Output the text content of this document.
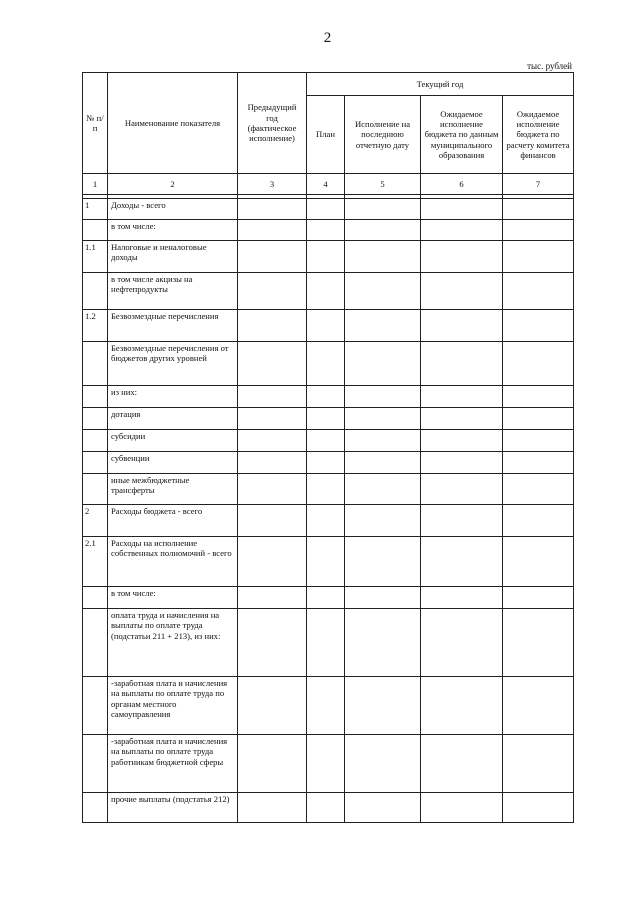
2
тыс. рублей
№ п/п	Наименование показателя	Предыдущий год (фактическое исполнение)	Текущий год			
			План	Исполнение на последнюю отчетную дату	Ожидаемое исполнение бюджета по данным муниципального образования	Ожидаемое исполнение бюджета по расчету комитета финансов
1	2	3	4	5	6	7

1	Доходы - всего					
	в том числе:					
1.1	Налоговые и неналоговые доходы					
	в том числе акцизы на нефтепродукты					
1.2	Безвозмездные перечисления					
	Безвозмездные перечисления от бюджетов других уровней					
	из них:					
	дотация					
	субсидии					
	субвенции					
	иные межбюджетные трансферты					
2	Расходы бюджета - всего					
2.1	Расходы на исполнение собственных полномочий - всего					
	в том числе:					
	оплата труда и начисления на выплаты по оплате труда (подстатьи 211 + 213), из них:					
	-заработная плата и начисления на выплаты по оплате труда по органам местного самоуправления					
	-заработная плата и начисления на выплаты по оплате труда работникам бюджетной сферы					
	прочие выплаты (подстатья 212)					
